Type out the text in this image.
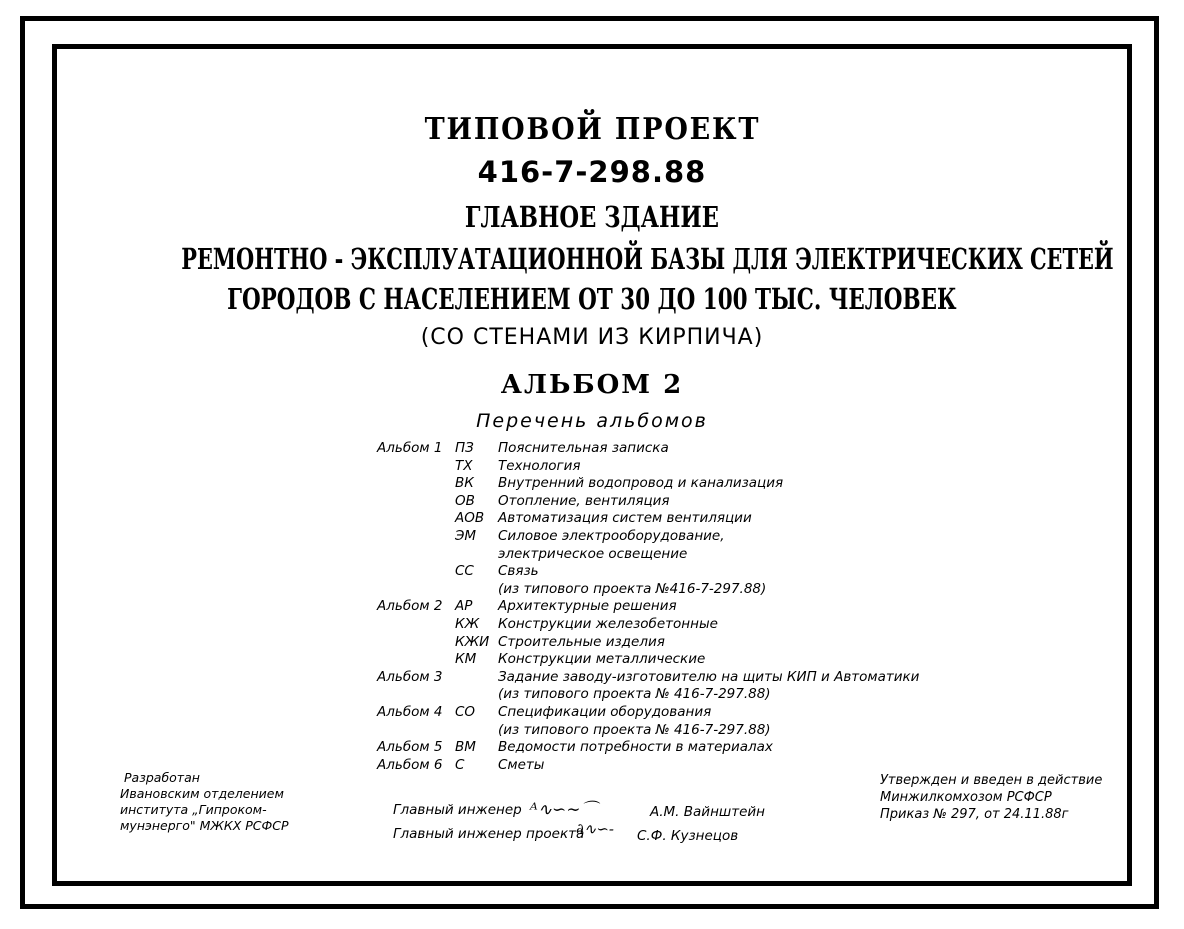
ТИПОВОЙ ПРОЕКТ
416-7-298.88
ГЛАВНОЕ ЗДАНИЕ
РЕМОНТНО - ЭКСПЛУАТАЦИОННОЙ БАЗЫ ДЛЯ ЭЛЕКТРИЧЕСКИХ СЕТЕЙ
ГОРОДОВ С НАСЕЛЕНИЕМ ОТ 30 ДО 100 ТЫС. ЧЕЛОВЕК
(СО СТЕНАМИ ИЗ КИРПИЧА)
АЛЬБОМ 2
Перечень альбомов
Альбом 1 ПЗ Пояснительная записка
ТХ Технология
ВК Внутренний водопровод и канализация
ОВ Отопление, вентиляция
АОВ Автоматизация систем вентиляции
ЭМ Силовое электрооборудование,
электрическое освещение
СС Связь
(из типового проекта №416-7-297.88)
Альбом 2 АР Архитектурные решения
КЖ Конструкции железобетонные
КЖИ Строительные изделия
КМ Конструкции металлические
Альбом 3	Задание заводу-изготовителю на щиты КИП и Автоматики
(из типового проекта № 416-7-297.88)
Альбом 4 СО Спецификации оборудования
(из типового проекта № 416-7-297.88)
Альбом 5 ВМ Ведомости потребности в материалах
Альбом 6 С Сметы
Разработан
Ивановским отделением
института „Гипроком-
мунэнерго" МЖКХ РСФСР
Утвержден и введен в действие
Минжилкомхозом РСФСР
Приказ № 297, от 24.11.88г
Главный инженер ᴬ∿∽∼⌒	А.М. Вайнштейн
Главный инженер проекта
∂∿∽- С.Ф. Кузнецов
